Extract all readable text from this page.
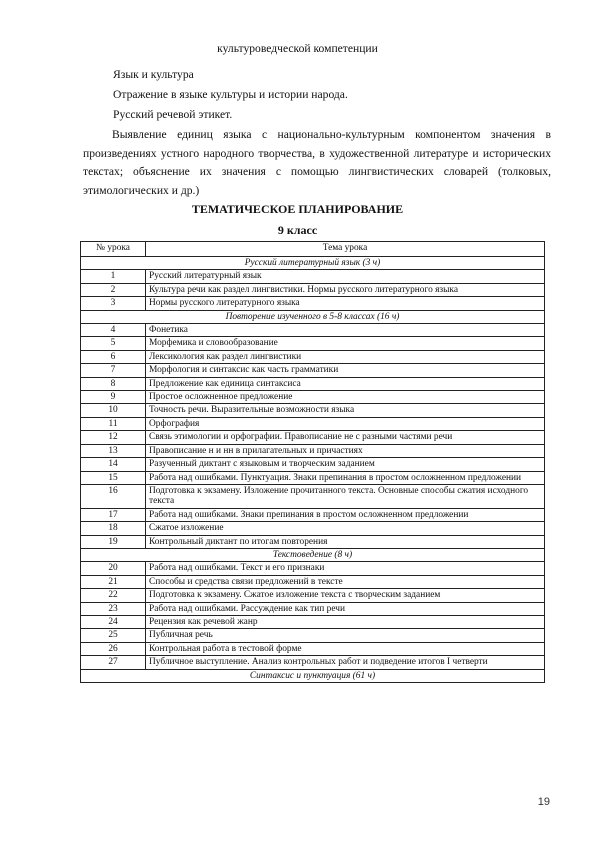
культуроведческой компетенции
Язык и культура
Отражение в языке культуры и истории народа.
Русский речевой этикет.
Выявление единиц языка с национально-культурным компонентом значения в произведениях устного народного творчества, в художественной литературе и исторических текстах; объяснение их значения с помощью лингвистических словарей (толковых, этимологических и др.)
ТЕМАТИЧЕСКОЕ ПЛАНИРОВАНИЕ
9 класс
№ урока	Тема урока
Русский литературный язык (3 ч)	
1	Русский литературный язык
2	Культура речи как раздел лингвистики. Нормы русского литературного языка
3	Нормы русского литературного языка
Повторение изученного в 5-8 классах (16 ч)	
4	Фонетика
5	Морфемика и словообразование
6	Лексикология как раздел лингвистики
7	Морфология и синтаксис как часть грамматики
8	Предложение как единица синтаксиса
9	Простое осложненное предложение
10	Точность речи. Выразительные возможности языка
11	Орфография
12	Связь этимологии и орфографии. Правописание не с разными частями речи
13	Правописание н и нн в прилагательных и причастиях
14	Разученный диктант с языковым и творческим заданием
15	Работа над ошибками. Пунктуация. Знаки препинания в простом осложненном предложении
16	Подготовка к экзамену. Изложение прочитанного текста. Основные способы сжатия исходного текста
17	Работа над ошибками. Знаки препинания в простом осложненном предложении
18	Сжатое изложение
19	Контрольный диктант по итогам повторения
Текстоведение (8 ч)	
20	Работа над ошибками. Текст и его признаки
21	Способы и средства связи предложений в тексте
22	Подготовка к экзамену. Сжатое изложение текста с творческим заданием
23	Работа над ошибками. Рассуждение как тип речи
24	Рецензия как речевой жанр
25	Публичная речь
26	Контрольная работа в тестовой форме
27	Публичное выступление. Анализ контрольных работ и подведение итогов I четверти
Синтаксис и пунктуация (61 ч)	
19
